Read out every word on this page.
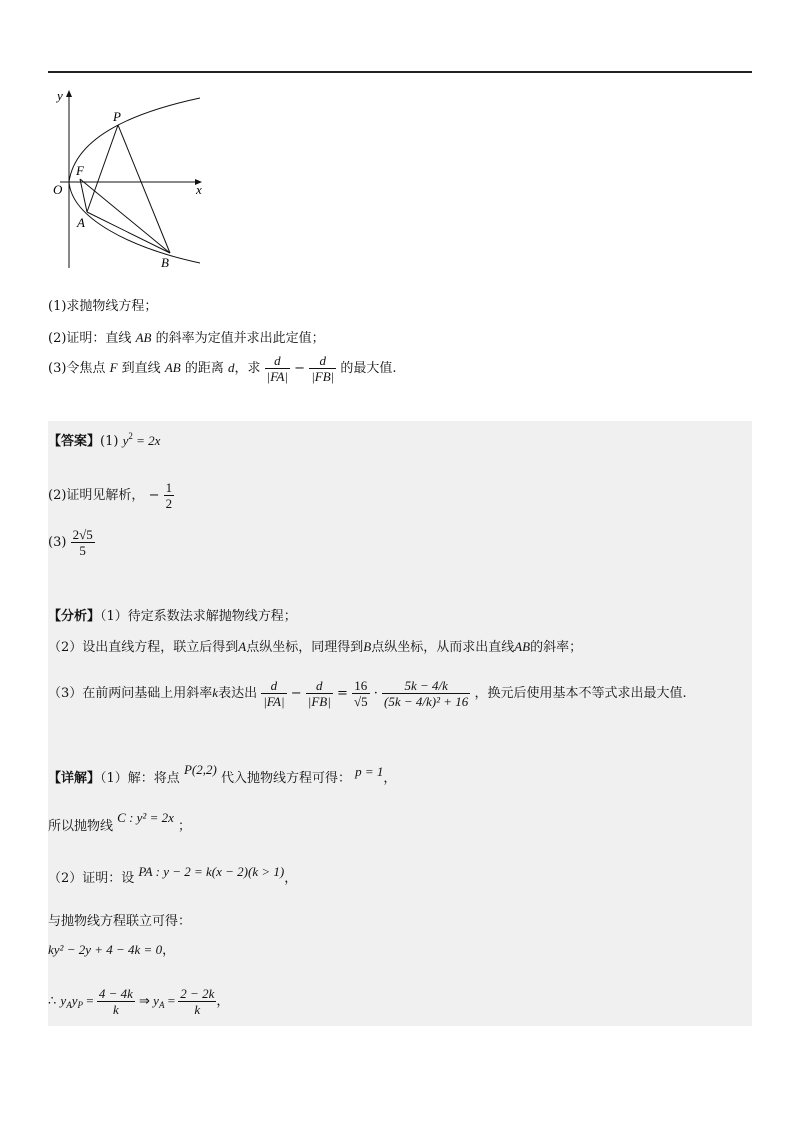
y
x
O
F
P
A
B
(1)求抛物线方程；
(2)证明：直线 AB 的斜率为定值并求出此定值；
(3)令焦点 F 到直线 AB 的距离 d，求 $\frac{d}{|FA|} - \frac{d}{|FB|}$ 的最大值.
【答案】(1) $y^2 = 2x$
(2)证明见解析， − $\frac{1}{2}$
$(3) \frac{2√5}{5}$
【分析】（1）待定系数法求解抛物线方程；
（2）设出直线方程，联立后得到A点纵坐标，同理得到B点纵坐标，从而求出直线AB的斜率；
（3）在前两问基础上用斜率k表达出 $\frac{d}{|FA|} - \frac{d}{|FB|} = \frac{16}{√5} \cdot \frac{5k - 4/k}{\text{(5k − 4/k)² + 16}}$ ，换元后使用基本不等式求出最大值.
【详解】（1）解：将点 P(2,2) 代入抛物线方程可得： p = 1，
所以抛物线 C : y² = 2x ；
（2）证明：设 PA : y − 2 = k(x − 2)(k > 1)，
与抛物线方程联立可得：
ky² − 2y + 4 − 4k = 0，
∴ $y_Ay_P = \frac{4 - 4k}{k}$ ⇒ $y_A = \frac{2 - 2k}{k}$ ，
